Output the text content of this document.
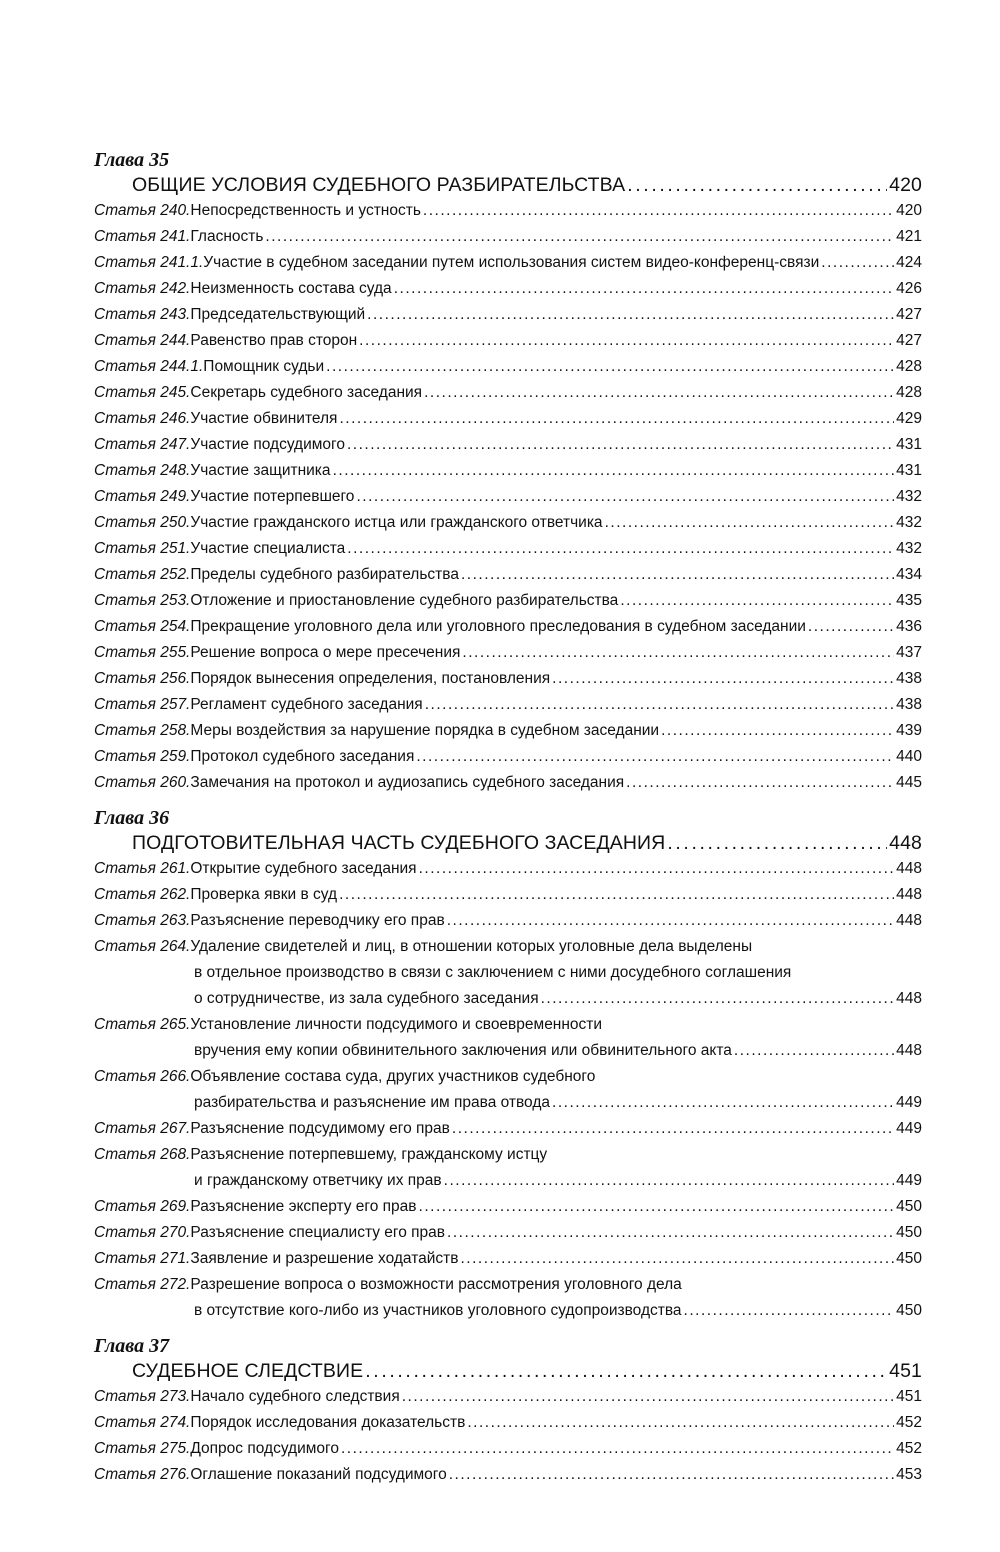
Глава 35
ОБЩИЕ УСЛОВИЯ СУДЕБНОГО РАЗБИРАТЕЛЬСТВА . . .	420
Статья 240. Непосредственность и устность . . .	420
Статья 241. Гласность . . .	421
Статья 241.1. Участие в судебном заседании путем использования систем видео-конференц-связи . . .	424
Статья 242. Неизменность состава суда . . .	426
Статья 243. Председательствующий . . .	427
Статья 244. Равенство прав сторон . . .	427
Статья 244.1. Помощник судьи . . .	428
Статья 245. Секретарь судебного заседания . . .	428
Статья 246. Участие обвинителя . . .	429
Статья 247. Участие подсудимого . . .	431
Статья 248. Участие защитника . . .	431
Статья 249. Участие потерпевшего . . .	432
Статья 250. Участие гражданского истца или гражданского ответчика . . .	432
Статья 251. Участие специалиста . . .	432
Статья 252. Пределы судебного разбирательства . . .	434
Статья 253. Отложение и приостановление судебного разбирательства . . .	435
Статья 254. Прекращение уголовного дела или уголовного преследования в судебном заседании . . .	436
Статья 255. Решение вопроса о мере пресечения . . .	437
Статья 256. Порядок вынесения определения, постановления . . .	438
Статья 257. Регламент судебного заседания . . .	438
Статья 258. Меры воздействия за нарушение порядка в судебном заседании . . .	439
Статья 259. Протокол судебного заседания . . .	440
Статья 260. Замечания на протокол и аудиозапись судебного заседания . . .	445
Глава 36
ПОДГОТОВИТЕЛЬНАЯ ЧАСТЬ СУДЕБНОГО ЗАСЕДАНИЯ . . .	448
Статья 261. Открытие судебного заседания . . .	448
Статья 262. Проверка явки в суд . . .	448
Статья 263. Разъяснение переводчику его прав . . .	448
Статья 264. Удаление свидетелей и лиц, в отношении которых уголовные дела выделены
в отдельное производство в связи с заключением с ними досудебного соглашения
о сотрудничестве, из зала судебного заседания . . .	448
Статья 265. Установление личности подсудимого и своевременности
вручения ему копии обвинительного заключения или обвинительного акта . . .	448
Статья 266. Объявление состава суда, других участников судебного
разбирательства и разъяснение им права отвода . . .	449
Статья 267. Разъяснение подсудимому его прав . . .	449
Статья 268. Разъяснение потерпевшему, гражданскому истцу
и гражданскому ответчику их прав . . .	449
Статья 269. Разъяснение эксперту его прав . . .	450
Статья 270. Разъяснение специалисту его прав . . .	450
Статья 271. Заявление и разрешение ходатайств . . .	450
Статья 272. Разрешение вопроса о возможности рассмотрения уголовного дела
в отсутствие кого-либо из участников уголовного судопроизводства . . .	450
Глава 37
СУДЕБНОЕ СЛЕДСТВИЕ . . .	451
Статья 273. Начало судебного следствия . . .	451
Статья 274. Порядок исследования доказательств . . .	452
Статья 275. Допрос подсудимого . . .	452
Статья 276. Оглашение показаний подсудимого . . .	453
